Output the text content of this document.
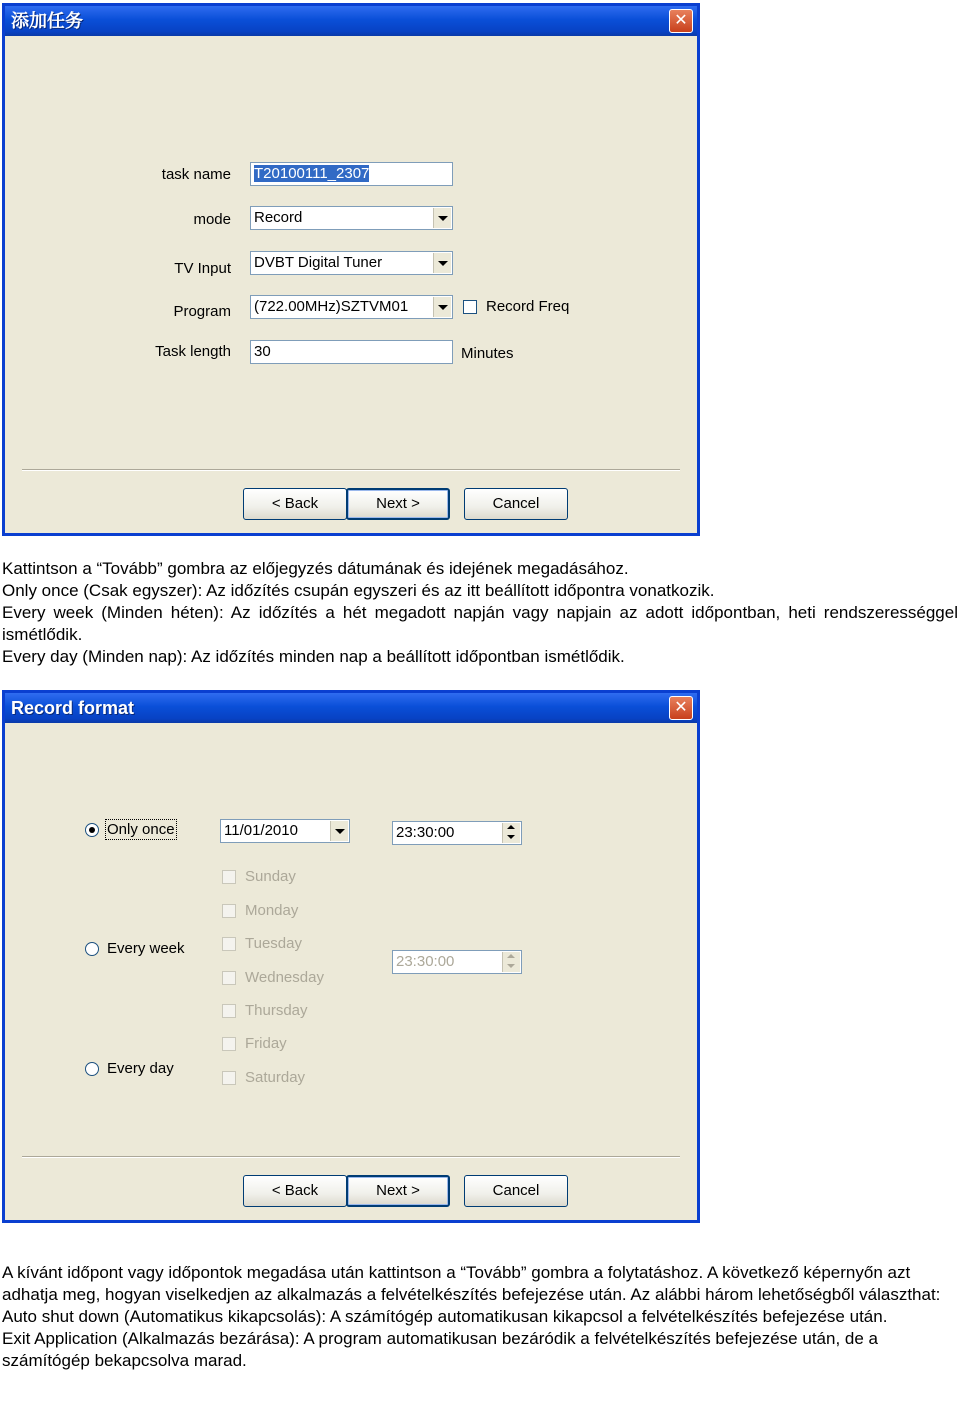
添加任务	✕
task name T20100111_2307
mode Record
TV Input DVBT Digital Tuner
Program (722.00MHz)SZTVM01	Record Freq
Task length 30	Minutes
< Back	Next >	Cancel

Kattintson a “Tovább” gombra az előjegyzés dátumának és idejének megadásához.

Only once (Csak egyszer): Az időzítés csupán egyszeri és az itt beállított időpontra vonatkozik.

Every week (Minden héten): Az időzítés a hét megadott napján vagy napjain az adott időpontban, heti rendszerességgel ismétlődik.

Every day (Minden nap): Az időzítés minden nap a beállított időpontban ismétlődik.

Record format	✕
Only once	11/01/2010	23:30:00
Every week
23:30:00
Sunday
Monday
Tuesday
Wednesday
Thursday
Friday
Saturday
Every day
< Back	Next >	Cancel

A kívánt időpont vagy időpontok megadása után kattintson a “Tovább” gombra a folytatáshoz. A következő képernyőn azt adhatja meg, hogyan viselkedjen az alkalmazás a felvételkészítés befejezése után. Az alábbi három lehetőségből választhat:

Auto shut down (Automatikus kikapcsolás): A számítógép automatikusan kikapcsol a felvételkészítés befejezése után.

Exit Application (Alkalmazás bezárása): A program automatikusan bezáródik a felvételkészítés befejezése után, de a számítógép bekapcsolva marad.
